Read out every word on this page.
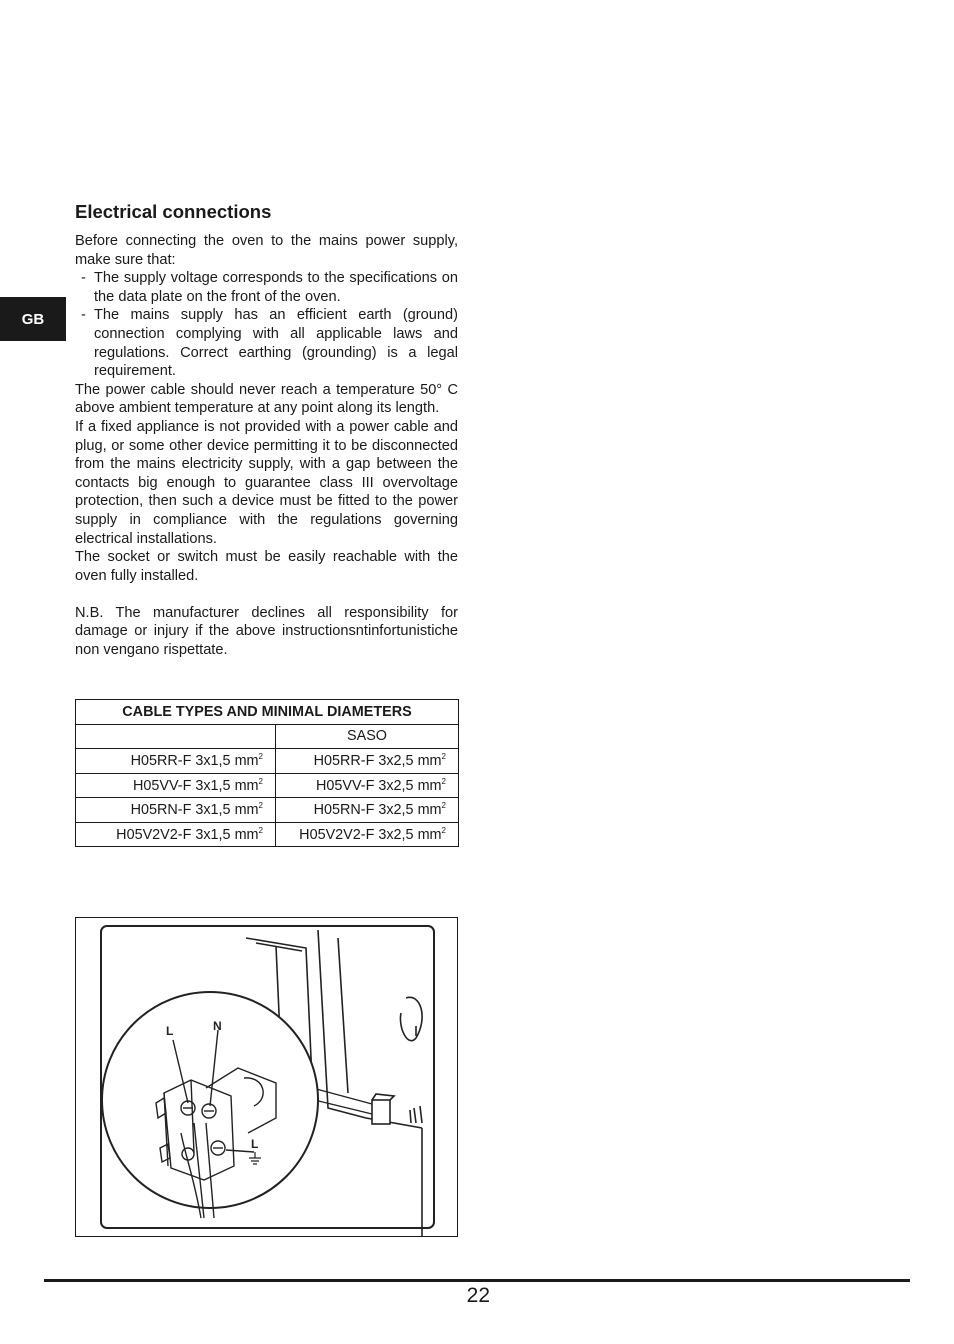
GB
Electrical connections

Before connecting the oven to the mains power supply, make sure that:

- The supply voltage corresponds to the specifications on the data plate on the front of the oven.
- The mains supply has an efficient earth (ground) connection complying with all applicable laws and regulations. Correct earthing (grounding) is a legal requirement.

The power cable should never reach a temperature 50° C above ambient temperature at any point along its length.

If a fixed appliance is not provided with a power cable and plug, or some other device permitting it to be disconnected from the mains electricity supply, with a gap between the contacts big enough to guarantee class III overvoltage protection, then such a device must be fitted to the power supply in compliance with the regulations governing electrical installations.

The socket or switch must be easily reachable with the oven fully installed.

N.B. The manufacturer declines all responsibility for damage or injury if the above instructionsntinfortunistiche non vengano rispettate.

CABLE TYPES AND MINIMAL DIAMETERS	
	SASO
H05RR-F 3x1,5 $mm^2$	H05RR-F 3x2,5 $mm^2$
H05VV-F 3x1,5 $mm^2$	H05VV-F 3x2,5 $mm^2$
H05RN-F 3x1,5 $mm^2$	H05RN-F 3x2,5 $mm^2$
H05V2V2-F 3x1,5 $mm^2$	H05V2V2-F 3x2,5 $mm^2$
L	N
L
22
